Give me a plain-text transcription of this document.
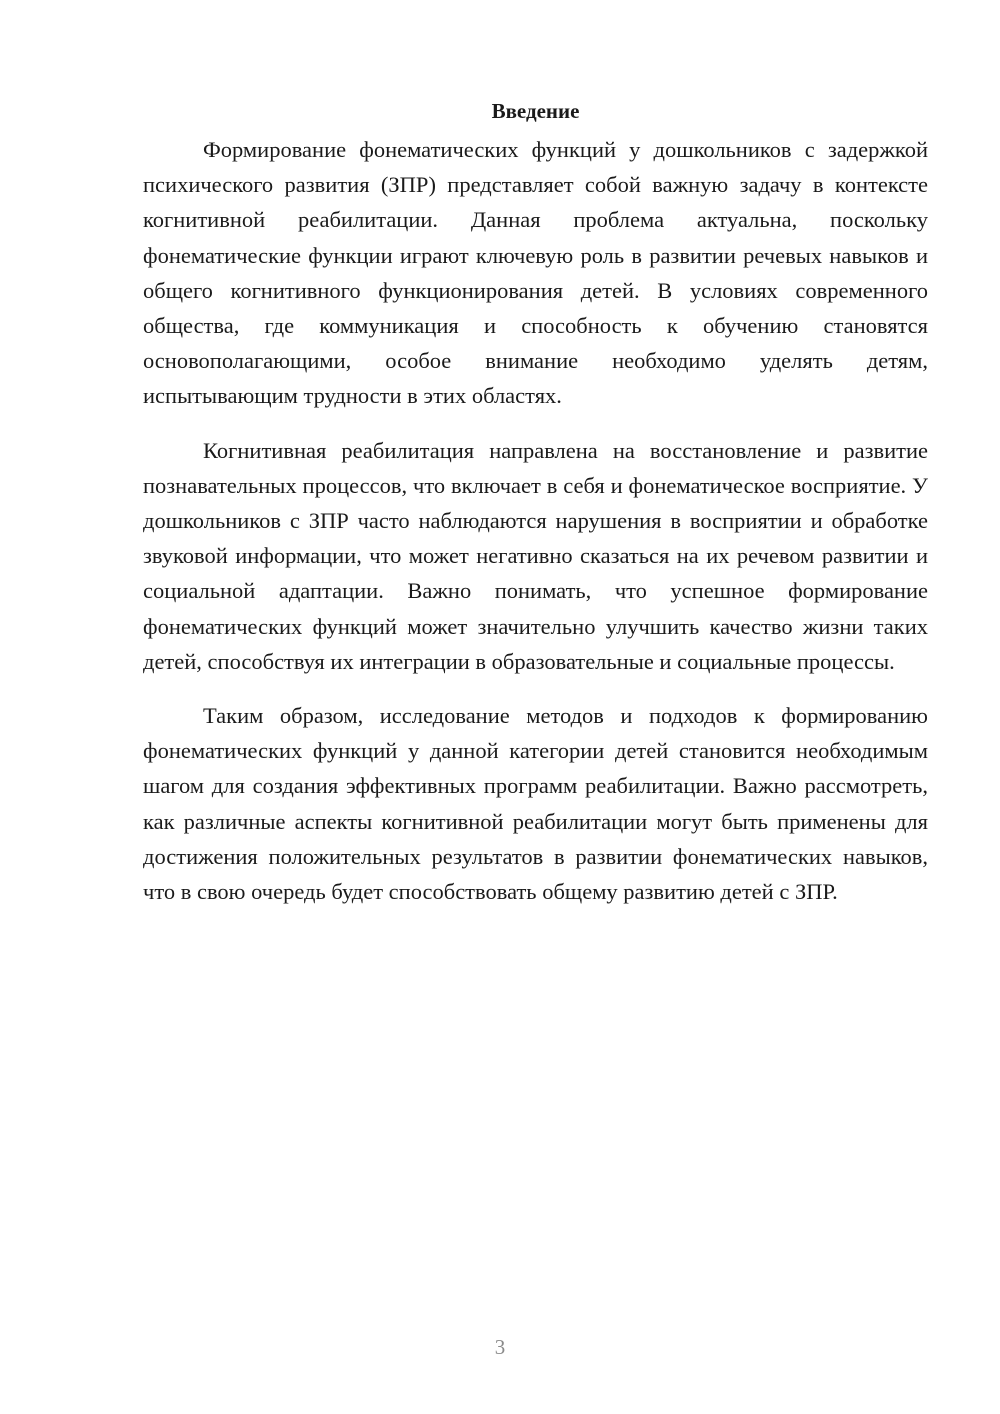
Введение

Формирование фонематических функций у дошкольников с задержкой психического развития (ЗПР) представляет собой важную задачу в контексте когнитивной реабилитации. Данная проблема актуальна, поскольку фонематические функции играют ключевую роль в развитии речевых навыков и общего когнитивного функционирования детей. В условиях современного общества, где коммуникация и способность к обучению становятся основополагающими, особое внимание необходимо уделять детям, испытывающим трудности в этих областях.

Когнитивная реабилитация направлена на восстановление и развитие познавательных процессов, что включает в себя и фонематическое восприятие. У дошкольников с ЗПР часто наблюдаются нарушения в восприятии и обработке звуковой информации, что может негативно сказаться на их речевом развитии и социальной адаптации. Важно понимать, что успешное формирование фонематических функций может значительно улучшить качество жизни таких детей, способствуя их интеграции в образовательные и социальные процессы.

Таким образом, исследование методов и подходов к формированию фонематических функций у данной категории детей становится необходимым шагом для создания эффективных программ реабилитации. Важно рассмотреть, как различные аспекты когнитивной реабилитации могут быть применены для достижения положительных результатов в развитии фонематических навыков, что в свою очередь будет способствовать общему развитию детей с ЗПР.

3
